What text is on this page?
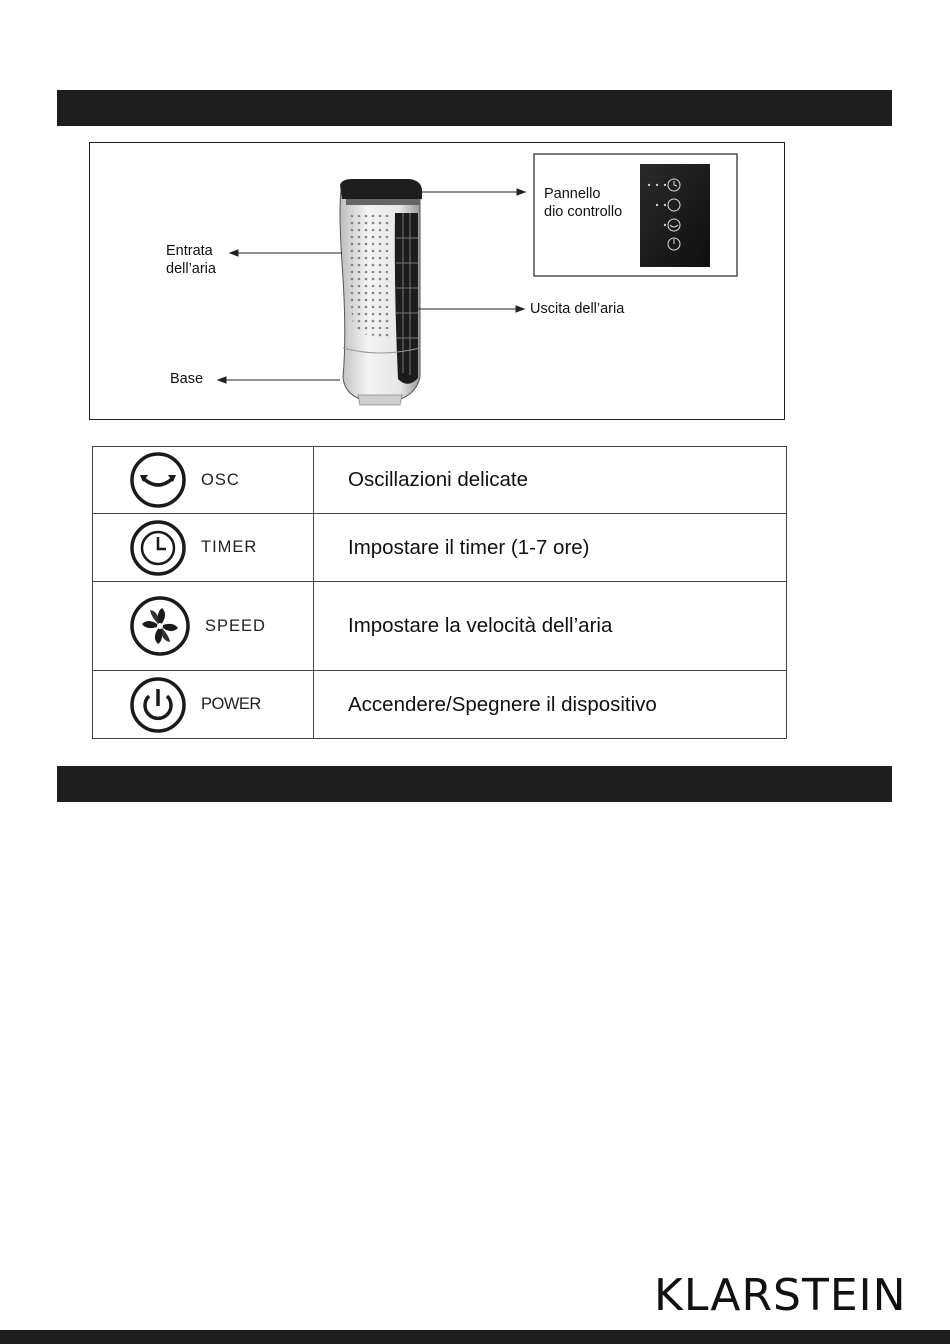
Entrata
dell’aria
Base
Pannello
dio controllo
Uscita dell’aria
OSC	Oscillazioni delicate

TIMER	Impostare il timer (1-7 ore)

SPEED	Impostare la velocità dell’aria

POWER	Accendere/Spegnere il dispositivo
KLARSTEIN
